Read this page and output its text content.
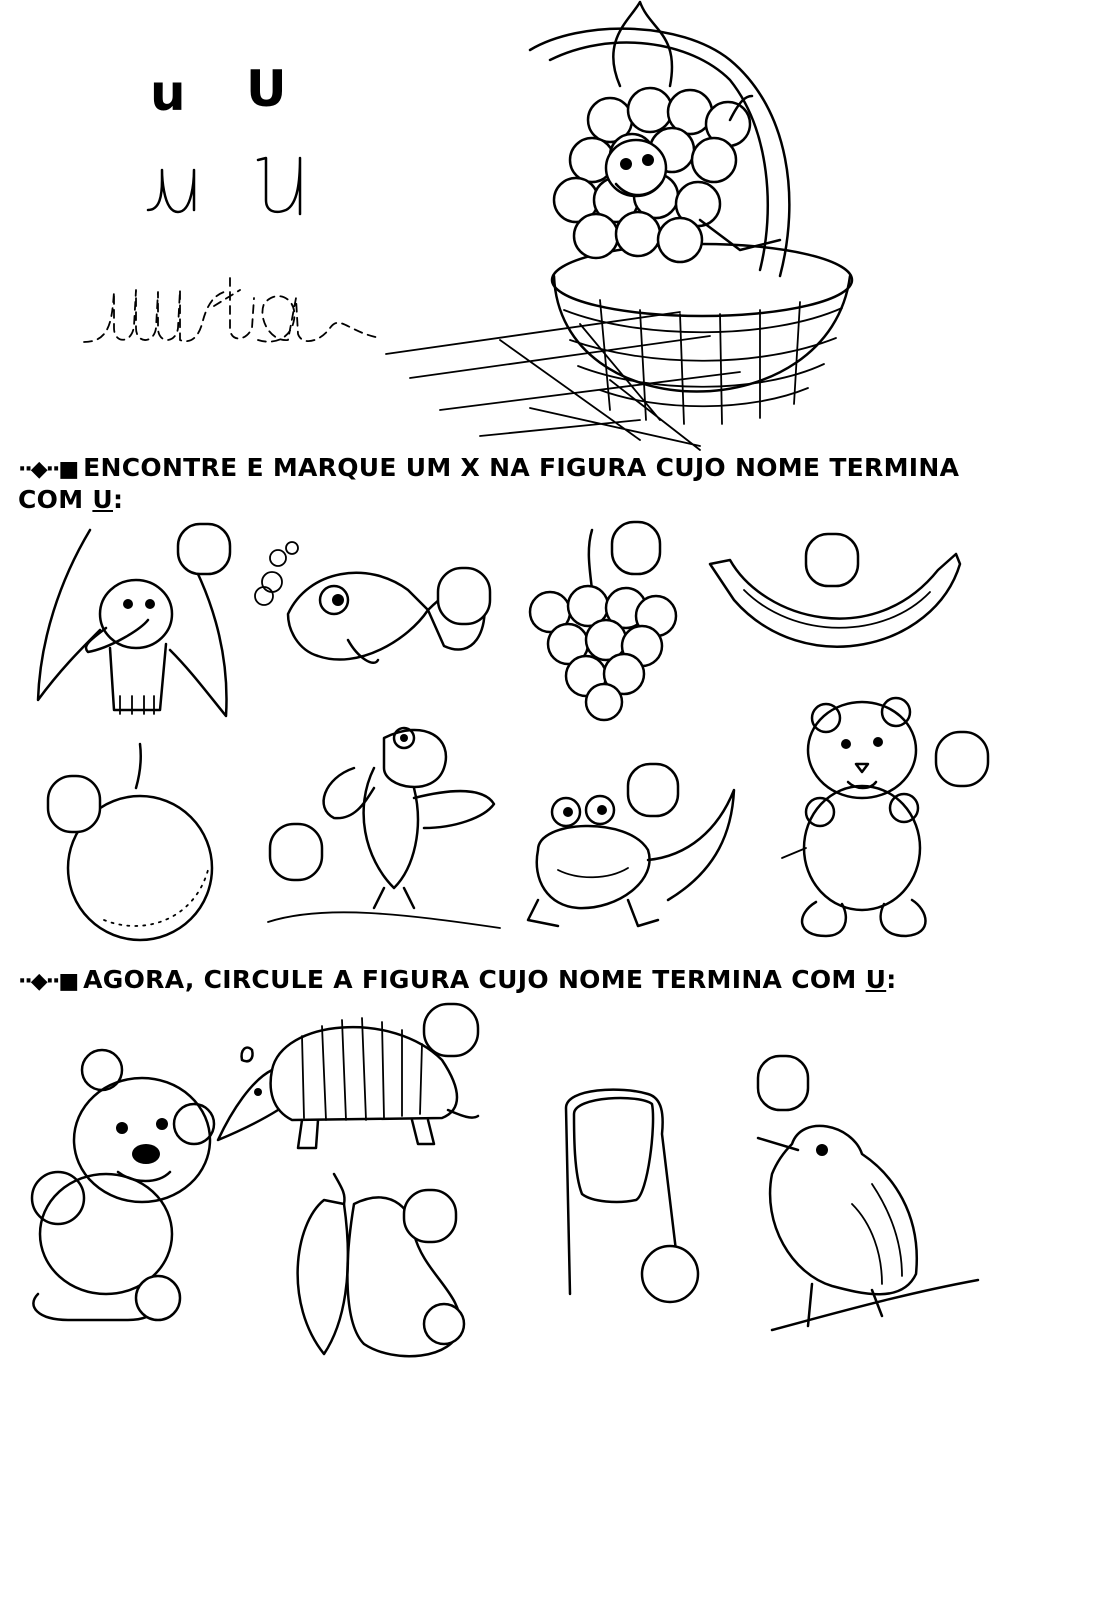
u U
··◆··■ ENCONTRE E MARQUE UM X NA FIGURA CUJO NOME TERMINA COM U:
··◆··■ AGORA, CIRCULE A FIGURA CUJO NOME TERMINA COM U:
